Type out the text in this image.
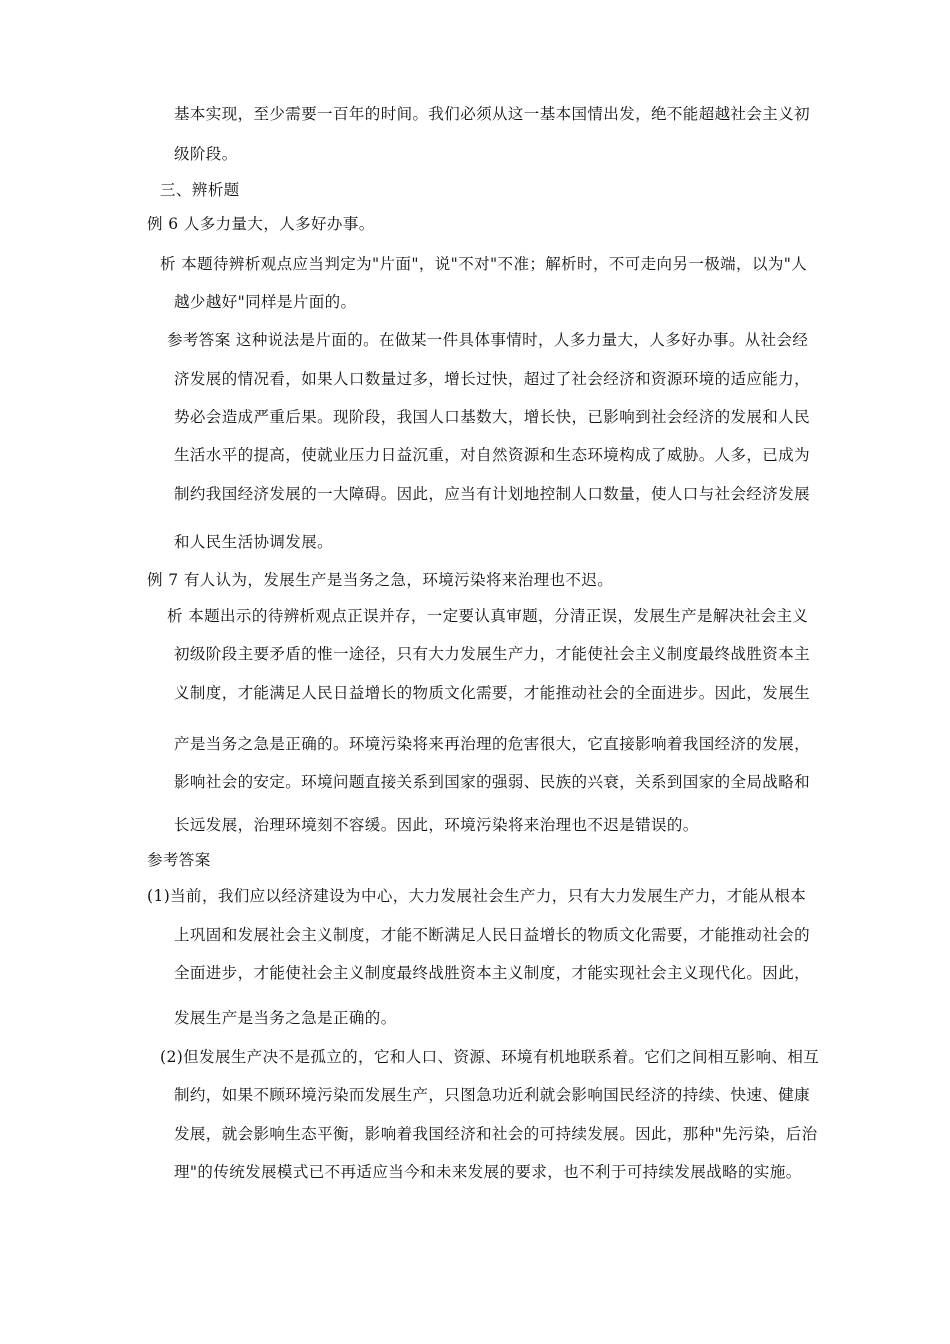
基本实现，至少需要一百年的时间。我们必须从这一基本国情出发，绝不能超越社会主义初
级阶段。
三、辨析题
例 6 人多力量大，人多好办事。
析 本题待辨析观点应当判定为"片面"，说"不对"不准；解析时，不可走向另一极端，以为"人
越少越好"同样是片面的。
参考答案 这种说法是片面的。在做某一件具体事情时，人多力量大，人多好办事。从社会经
济发展的情况看，如果人口数量过多，增长过快，超过了社会经济和资源环境的适应能力，
势必会造成严重后果。现阶段，我国人口基数大，增长快，已影响到社会经济的发展和人民
生活水平的提高，使就业压力日益沉重，对自然资源和生态环境构成了威胁。人多，已成为
制约我国经济发展的一大障碍。因此，应当有计划地控制人口数量，使人口与社会经济发展
和人民生活协调发展。
例 7 有人认为，发展生产是当务之急，环境污染将来治理也不迟。
析 本题出示的待辨析观点正误并存，一定要认真审题，分清正误，发展生产是解决社会主义
初级阶段主要矛盾的惟一途径，只有大力发展生产力，才能使社会主义制度最终战胜资本主
义制度，才能满足人民日益增长的物质文化需要，才能推动社会的全面进步。因此，发展生
产是当务之急是正确的。环境污染将来再治理的危害很大，它直接影响着我国经济的发展，
影响社会的安定。环境问题直接关系到国家的强弱、民族的兴衰，关系到国家的全局战略和
长远发展，治理环境刻不容缓。因此，环境污染将来治理也不迟是错误的。
参考答案
(1)当前，我们应以经济建设为中心，大力发展社会生产力，只有大力发展生产力，才能从根本
上巩固和发展社会主义制度，才能不断满足人民日益增长的物质文化需要，才能推动社会的
全面进步，才能使社会主义制度最终战胜资本主义制度，才能实现社会主义现代化。因此，
发展生产是当务之急是正确的。
(2)但发展生产决不是孤立的，它和人口、资源、环境有机地联系着。它们之间相互影响、相互
制约，如果不顾环境污染而发展生产，只图急功近利就会影响国民经济的持续、快速、健康
发展，就会影响生态平衡，影响着我国经济和社会的可持续发展。因此，那种"先污染，后治
理"的传统发展模式已不再适应当今和未来发展的要求，也不利于可持续发展战略的实施。
